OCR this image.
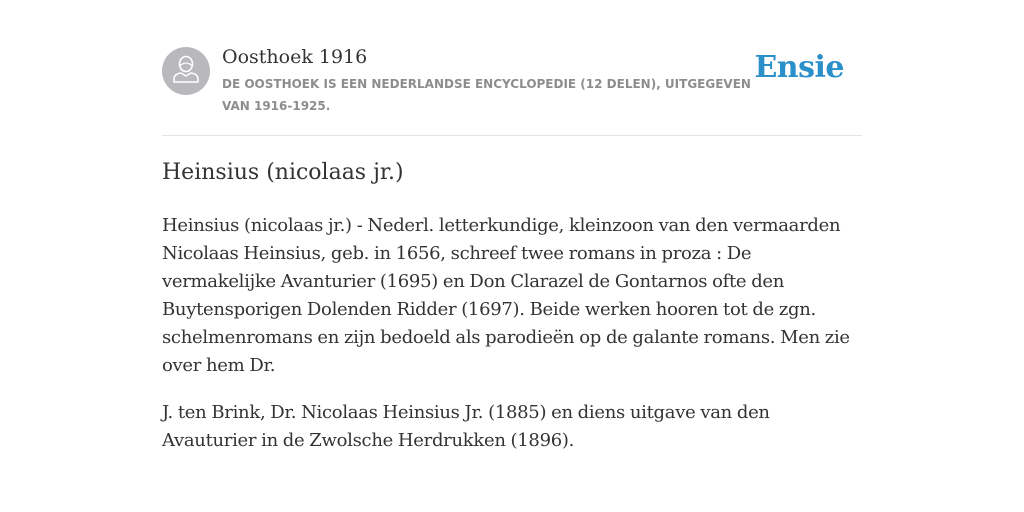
Oosthoek 1916
DE OOSTHOEK IS EEN NEDERLANDSE ENCYCLOPEDIE (12 DELEN), UITGEGEVEN VAN 1916-1925.
Ensie
Heinsius (nicolaas jr.)

Heinsius (nicolaas jr.) - Nederl. letterkundige, kleinzoon van den vermaarden Nicolaas Heinsius, geb. in 1656, schreef twee romans in proza : De vermakelijke Avanturier (1695) en Don Clarazel de Gontarnos ofte den Buytensporigen Dolenden Ridder (1697). Beide werken hooren tot de zgn. schelmenromans en zijn bedoeld als parodieën op de galante romans. Men zie over hem Dr.

J. ten Brink, Dr. Nicolaas Heinsius Jr. (1885) en diens uitgave van den Avauturier in de Zwolsche Herdrukken (1896).
